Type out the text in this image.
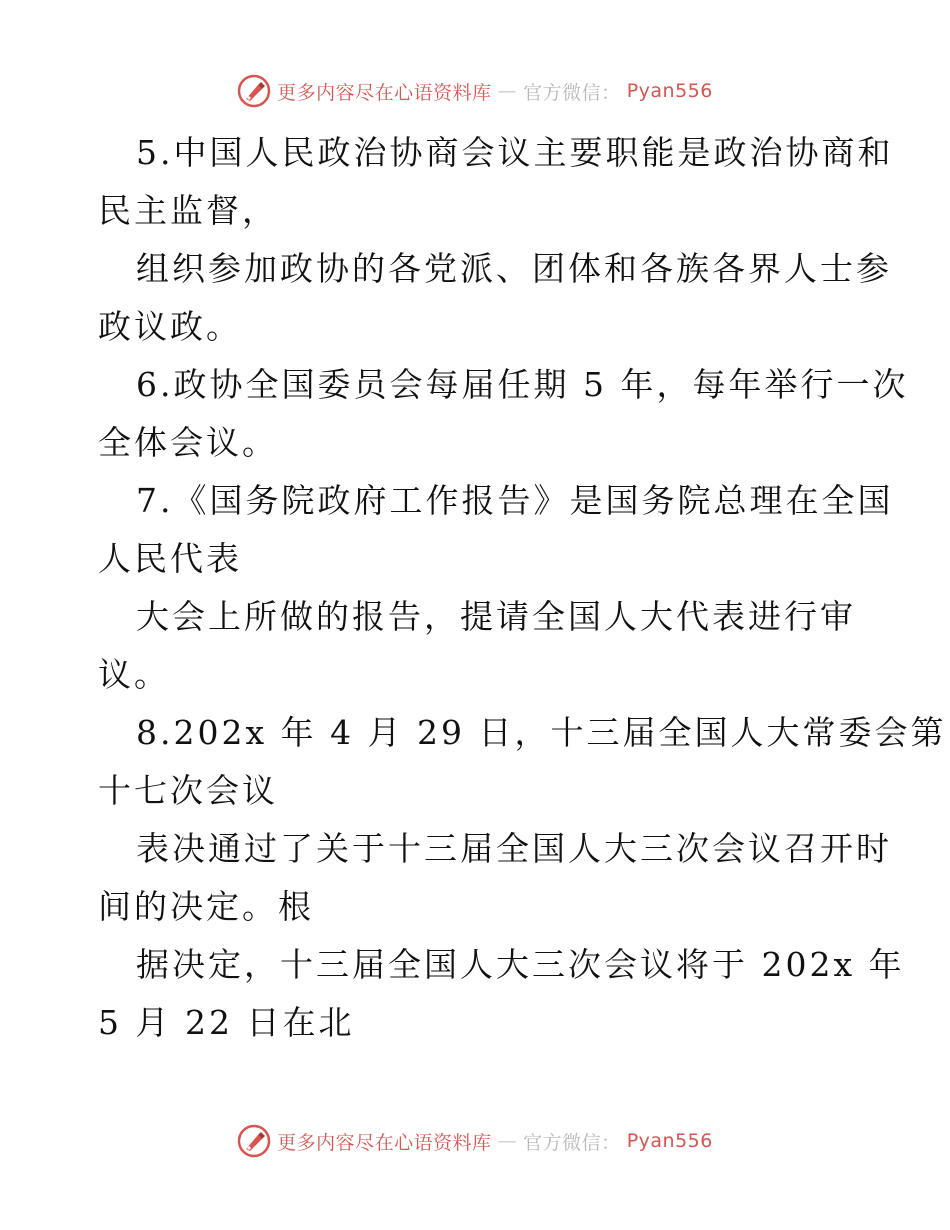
更多内容尽在心语资料库 — 官方微信： Pyan556
5.中国人民政治协商会议主要职能是政治协商和
民主监督，
组织参加政协的各党派、团体和各族各界人士参
政议政。
6.政协全国委员会每届任期 5 年，每年举行一次
全体会议。
7.《国务院政府工作报告》是国务院总理在全国
人民代表
大会上所做的报告，提请全国人大代表进行审
议。
8.202x 年 4 月 29 日，十三届全国人大常委会第
十七次会议
表决通过了关于十三届全国人大三次会议召开时
间的决定。根
据决定，十三届全国人大三次会议将于 202x 年
5 月 22 日在北
更多内容尽在心语资料库 — 官方微信： Pyan556
